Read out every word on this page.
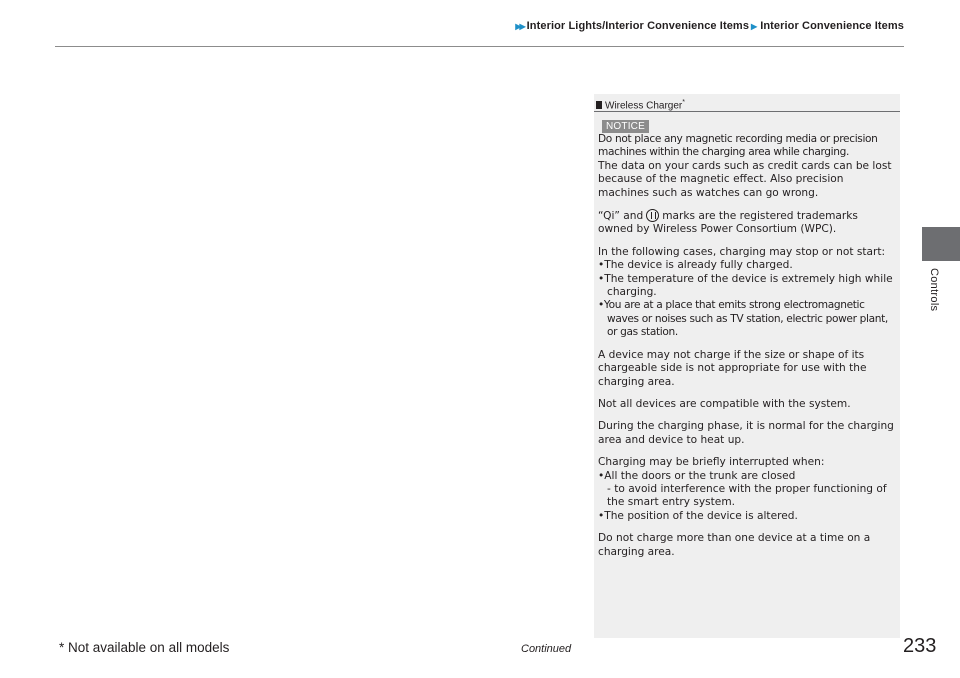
▶▶ Interior Lights/Interior Convenience Items ▶ Interior Convenience Items
Controls
Wireless Charger*
NOTICE

Do not place any magnetic recording media or precision machines within the charging area while charging.

The data on your cards such as credit cards can be lost because of the magnetic effect. Also precision machines such as watches can go wrong.

“Qi” and marks are the registered trademarks owned by Wireless Power Consortium (WPC).

In the following cases, charging may stop or not start:

•The device is already fully charged.
•The temperature of the device is extremely high while charging.

•You are at a place that emits strong electromagnetic waves or noises such as TV station, electric power plant, or gas station.

A device may not charge if the size or shape of its chargeable side is not appropriate for use with the charging area.

Not all devices are compatible with the system.

During the charging phase, it is normal for the charging area and device to heat up.

Charging may be briefly interrupted when:

•All the doors or the trunk are closed
- to avoid interference with the proper functioning of the smart entry system.

•The position of the device is altered.

Do not charge more than one device at a time on a charging area.

* Not available on all models	Continued	233
